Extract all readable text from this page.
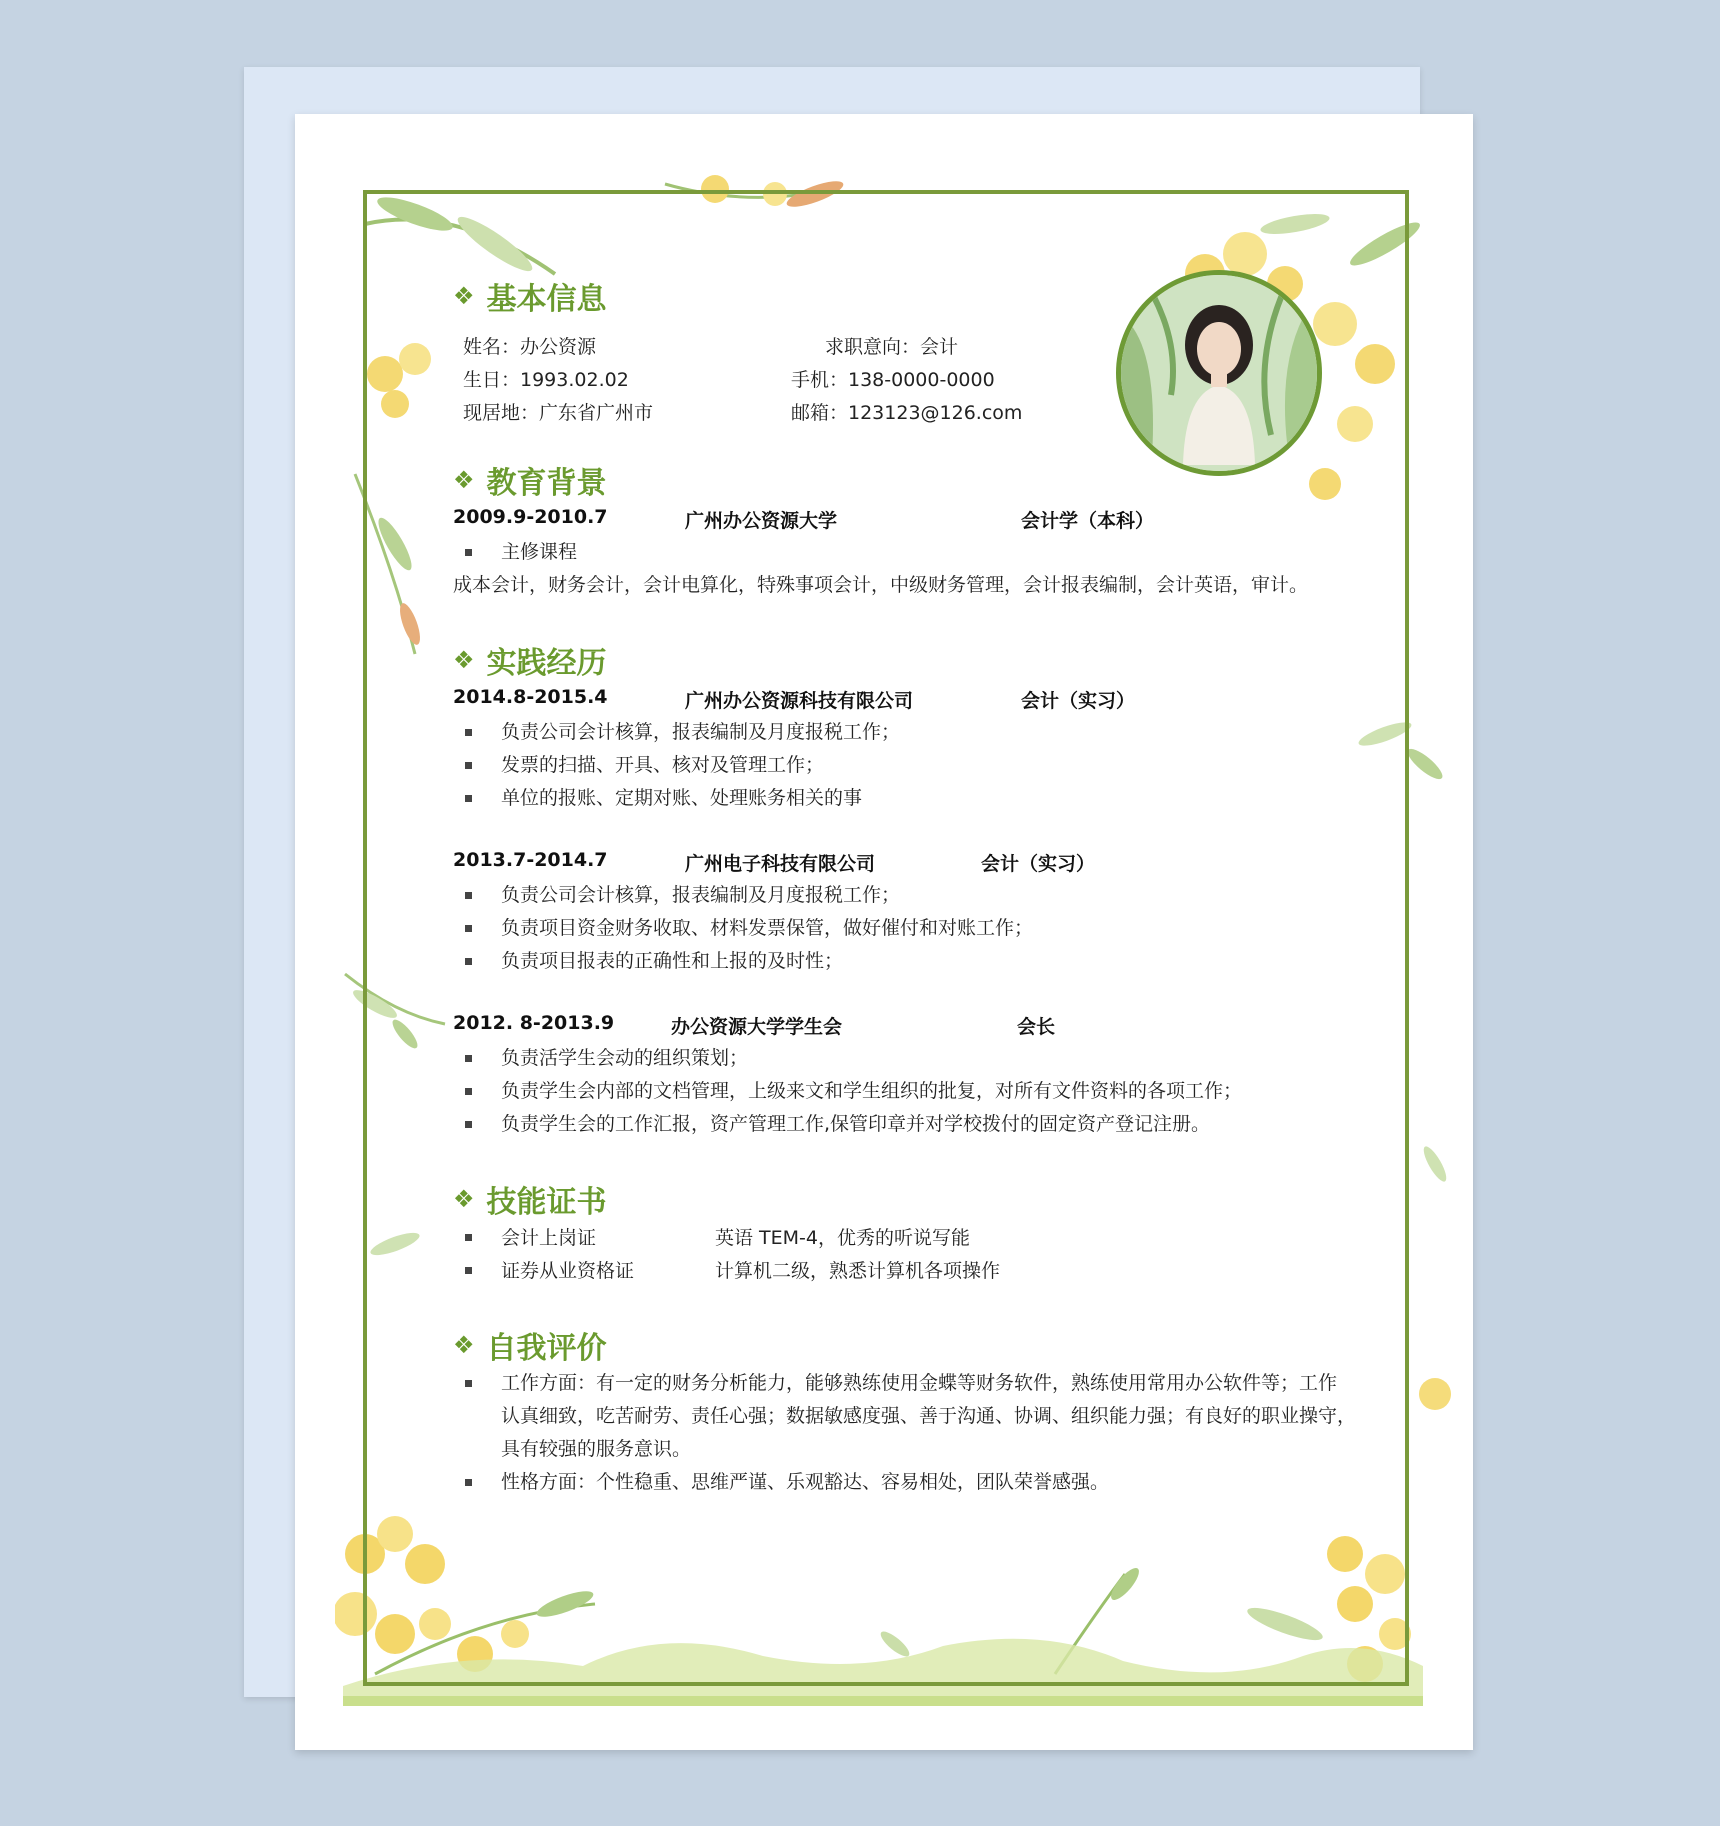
❖ 基本信息
姓名：办公资源	求职意向：会计
生日：1993.02.02	手机：138-0000-0000
现居地：广东省广州市	邮箱：123123@126.com
❖ 教育背景
2009.9-2010.7	广州办公资源大学	会计学（本科）
主修课程
成本会计，财务会计，会计电算化，特殊事项会计，中级财务管理，会计报表编制，会计英语，审计。
❖ 实践经历
2014.8-2015.4	广州办公资源科技有限公司	会计（实习）
负责公司会计核算，报表编制及月度报税工作；
发票的扫描、开具、核对及管理工作；
单位的报账、定期对账、处理账务相关的事
2013.7-2014.7	广州电子科技有限公司	会计（实习）
负责公司会计核算，报表编制及月度报税工作；
负责项目资金财务收取、材料发票保管，做好催付和对账工作；
负责项目报表的正确性和上报的及时性；
2012. 8-2013.9	办公资源大学学生会	会长
负责活学生会动的组织策划；
负责学生会内部的文档管理，上级来文和学生组织的批复，对所有文件资料的各项工作；
负责学生会的工作汇报，资产管理工作,保管印章并对学校拨付的固定资产登记注册。
❖ 技能证书
会计上岗证	英语 TEM-4，优秀的听说写能
证券从业资格证	计算机二级，熟悉计算机各项操作
❖ 自我评价
工作方面：有一定的财务分析能力，能够熟练使用金蝶等财务软件，熟练使用常用办公软件等；工作
认真细致，吃苦耐劳、责任心强；数据敏感度强、善于沟通、协调、组织能力强；有良好的职业操守，
具有较强的服务意识。
性格方面：个性稳重、思维严谨、乐观豁达、容易相处，团队荣誉感强。
